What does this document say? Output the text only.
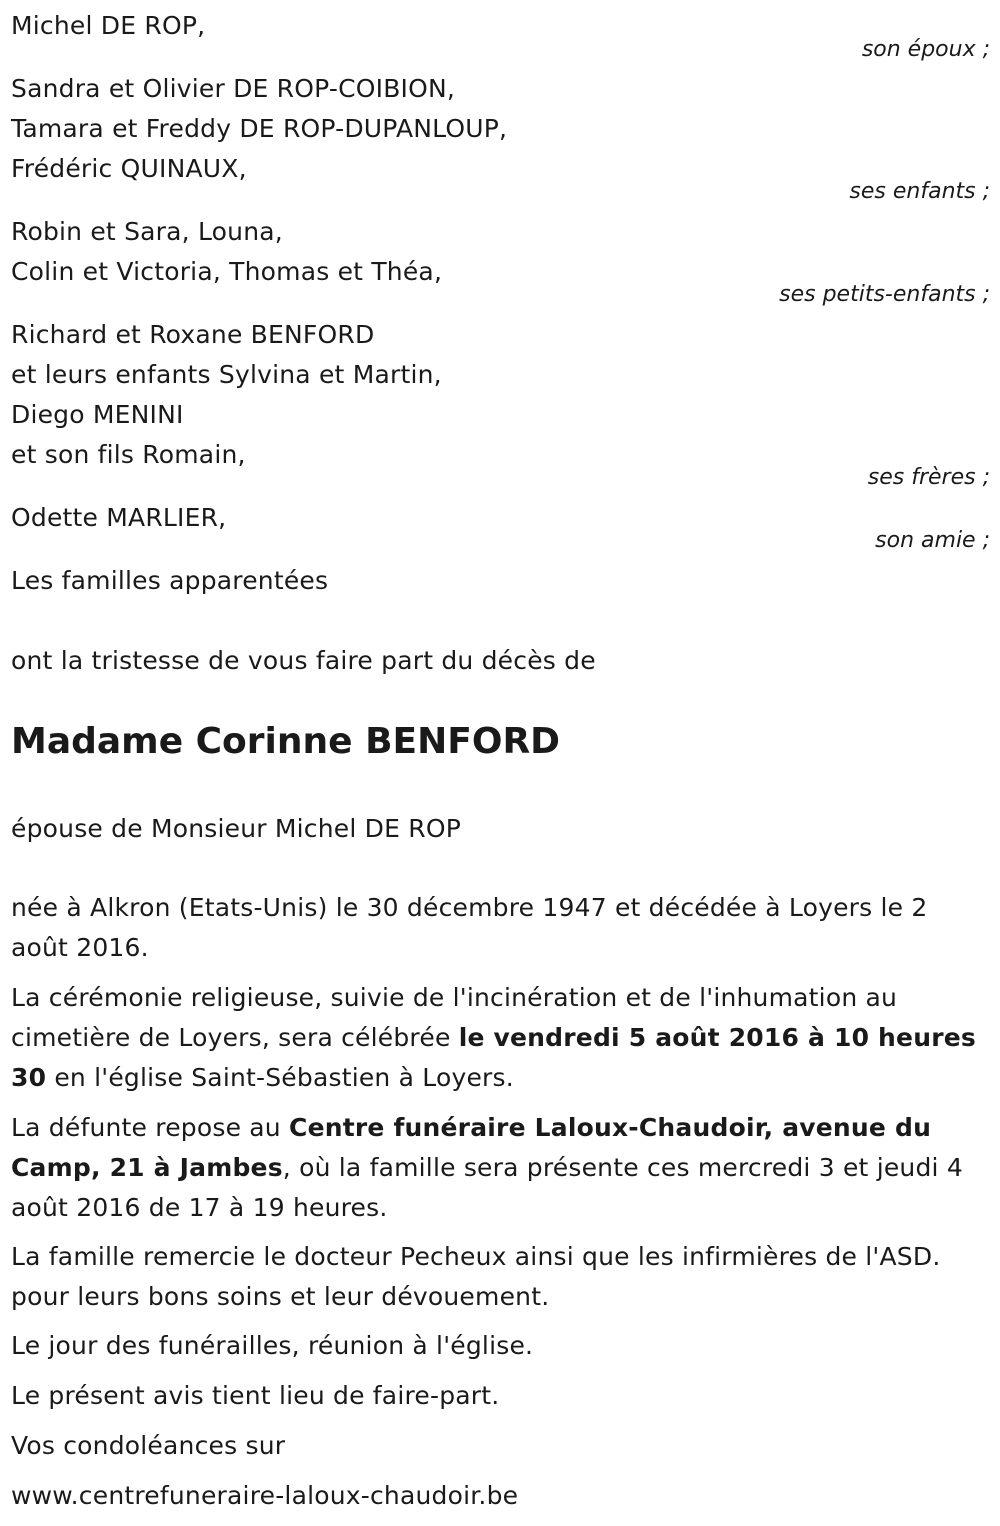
Michel DE ROP,
son époux ;
Sandra et Olivier DE ROP-COIBION,
Tamara et Freddy DE ROP-DUPANLOUP,
Frédéric QUINAUX,
ses enfants ;
Robin et Sara, Louna,
Colin et Victoria, Thomas et Théa,
ses petits-enfants ;
Richard et Roxane BENFORD
et leurs enfants Sylvina et Martin,
Diego MENINI
et son fils Romain,
ses frères ;
Odette MARLIER,
son amie ;
Les familles apparentées
ont la tristesse de vous faire part du décès de
Madame Corinne BENFORD
épouse de Monsieur Michel DE ROP
née à Alkron (Etats-Unis) le 30 décembre 1947 et décédée à Loyers le 2 août 2016.
La cérémonie religieuse, suivie de l'incinération et de l'inhumation au cimetière de Loyers, sera célébrée le vendredi 5 août 2016 à 10 heures 30 en l'église Saint-Sébastien à Loyers.
La défunte repose au Centre funéraire Laloux-Chaudoir, avenue du Camp, 21 à Jambes, où la famille sera présente ces mercredi 3 et jeudi 4 août 2016 de 17 à 19 heures.
La famille remercie le docteur Pecheux ainsi que les infirmières de l'ASD. pour leurs bons soins et leur dévouement.
Le jour des funérailles, réunion à l'église.
Le présent avis tient lieu de faire-part.
Vos condoléances sur
www.centrefuneraire-laloux-chaudoir.be
